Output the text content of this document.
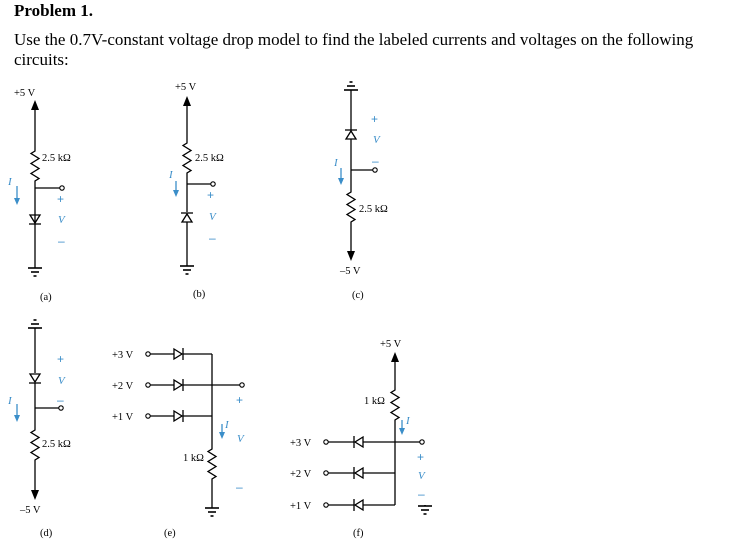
Problem 1.
Use the 0.7V-constant voltage drop model to find the labeled currents and voltages on the following circuits:
+5 V
2.5 kΩ
I
+
V
–
(a)
+5 V
2.5 kΩ
I
+
V
–
(b)
2.5 kΩ
–5 V
+
V
–
I
(c)
2.5 kΩ
–5 V
+
V
–
I
(d)
+3 V
+2 V
+1 V
1 kΩ
I
+
V
–
(e)
+5 V
1 kΩ
+3 V
+2 V
+1 V
I
+
V
–
(f)
